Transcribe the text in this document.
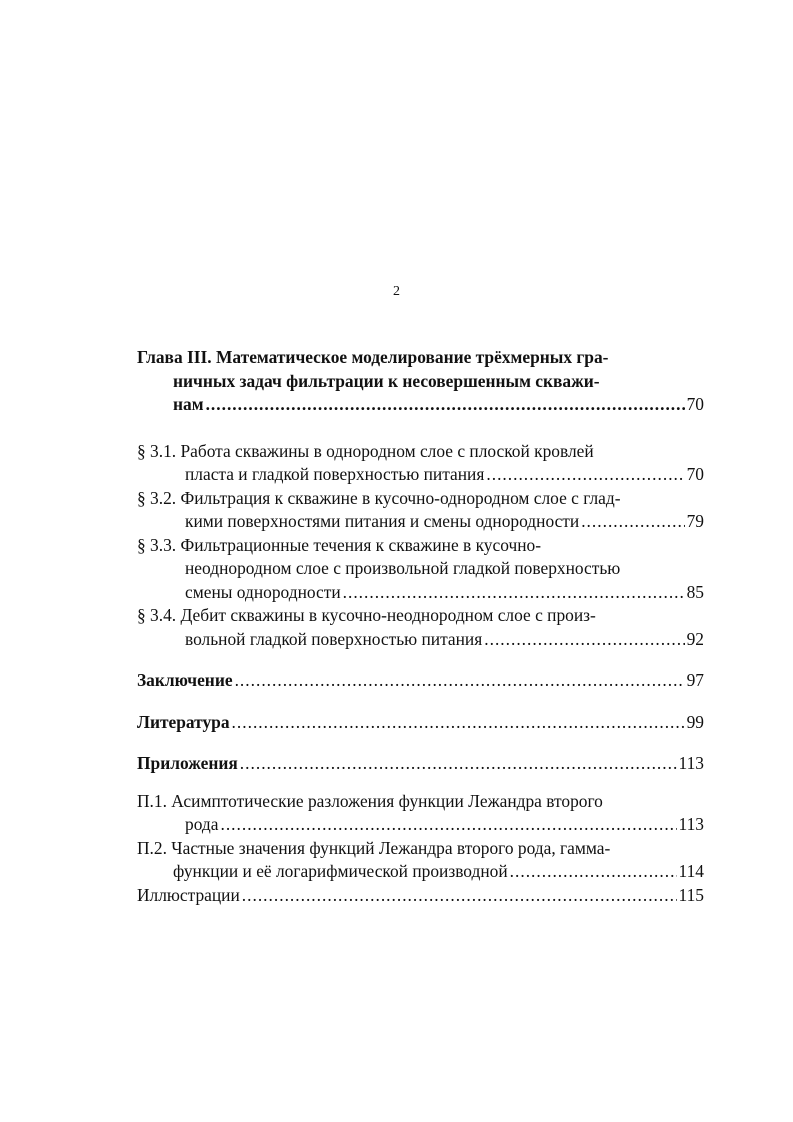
2
Глава III. Математическое моделирование трёхмерных гра-
ничных задач фильтрации к несовершенным скважи-
нам .....	70
§ 3.1. Работа скважины в однородном слое с плоской кровлей
пласта и гладкой поверхностью питания .....	70
§ 3.2. Фильтрация к скважине в кусочно-однородном слое с глад-
кими поверхностями питания и смены однородности .....	79
§ 3.3. Фильтрационные течения к скважине в кусочно-
неоднородном слое с произвольной гладкой поверхностью
смены однородности .....	85
§ 3.4. Дебит скважины в кусочно-неоднородном слое с произ-
вольной гладкой поверхностью питания .....	92
Заключение .....	97
Литература .....	99
Приложения .....	113
П.1. Асимптотические разложения функции Лежандра второго
рода .....	113
П.2. Частные значения функций Лежандра второго рода, гамма-
функции и её логарифмической производной .....	114
Иллюстрации .....	115
